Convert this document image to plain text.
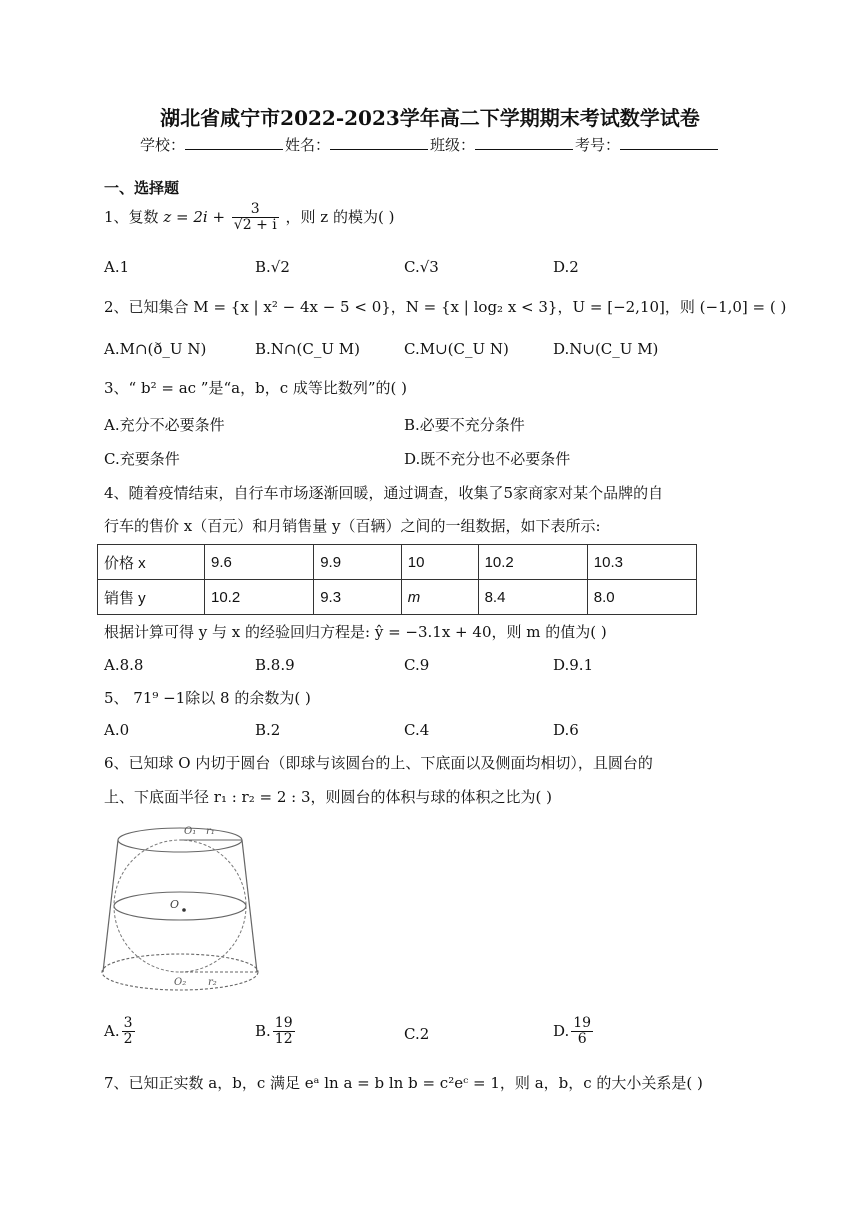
湖北省咸宁市2022-2023学年高二下学期期末考试数学试卷
学校：	姓名：	班级：	考号：
一、选择题
1、复数 $z = 2i + \frac{3}{√2 + i}$ ，则 z 的模为( )
A.1	B.√2	C.√3	D.2
2、已知集合 M = {x | x² − 4x − 5 < 0}，N = {x | log₂ x < 3}，U = [−2,10]，则 (−1,0] = ( )
A.M∩(ð_U N)	B.N∩(C_U M)	C.M∪(C_U N)	D.N∪(C_U M)
3、“ b² = ac ”是“a，b，c 成等比数列”的( )
A.充分不必要条件	B.必要不充分条件
C.充要条件	D.既不充分也不必要条件
4、随着疫情结束，自行车市场逐渐回暖，通过调查，收集了5家商家对某个品牌的自
行车的售价 x（百元）和月销售量 y（百辆）之间的一组数据，如下表所示:
价格 x	9.6	9.9	10	10.2	10.3
销售 y	10.2	9.3	m	8.4	8.0
根据计算可得 y 与 x 的经验回归方程是: ŷ = −3.1x + 40，则 m 的值为( )
A.8.8	B.8.9	C.9	D.9.1
5、 71⁹ −1除以 8 的余数为( )
A.0	B.2	C.4	D.6
6、已知球 O 内切于圆台（即球与该圆台的上、下底面以及侧面均相切），且圆台的
上、下底面半径 r₁ : r₂ = 2 : 3，则圆台的体积与球的体积之比为( )
O₁ r₁
O
O₂ r₂
A. $\frac{3}{2}$	B. $\frac{19}{12}$	C.2	D. $\frac{19}{6}$
7、已知正实数 a，b，c 满足 eᵃ ln a = b ln b = c²eᶜ = 1，则 a，b，c 的大小关系是( )
